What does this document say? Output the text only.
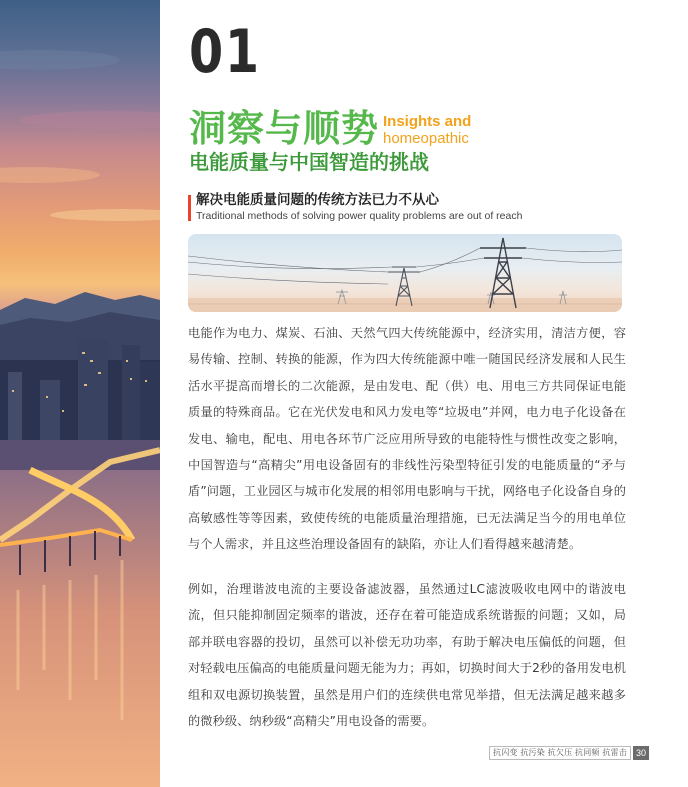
01
洞察与顺势 Insights and
homeopathic
电能质量与中国智造的挑战
解决电能质量问题的传统方法已力不从心
Traditional methods of solving power quality problems are out of reach

电能作为电力、煤炭、石油、天然气四大传统能源中，经济实用，清洁方便，容易传输、控制、转换的能源，作为四大传统能源中唯一随国民经济发展和人民生活水平提高而增长的二次能源，是由发电、配（供）电、用电三方共同保证电能质量的特殊商品。它在光伏发电和风力发电等“垃圾电”并网，电力电子化设备在发电、输电，配电、用电各环节广泛应用所导致的电能特性与惯性改变之影响，中国智造与“高精尖”用电设备固有的非线性污染型特征引发的电能质量的“矛与盾”问题，工业园区与城市化发展的相邻用电影响与干扰，网络电子化设备自身的高敏感性等等因素，致使传统的电能质量治理措施，已无法满足当今的用电单位与个人需求，并且这些治理设备固有的缺陷，亦让人们看得越来越清楚。

例如，治理谐波电流的主要设备滤波器，虽然通过LC滤波吸收电网中的谐波电流，但只能抑制固定频率的谐波，还存在着可能造成系统谐振的问题；又如，局部并联电容器的投切，虽然可以补偿无功功率，有助于解决电压偏低的问题，但对轻载电压偏高的电能质量问题无能为力；再如，切换时间大于2秒的备用发电机组和双电源切换装置，虽然是用户们的连续供电常见举措，但无法满足越来越多的微秒级、纳秒级“高精尖”用电设备的需要。

抗闪变 抗污染 抗欠压 抗同频 抗雷击	30
